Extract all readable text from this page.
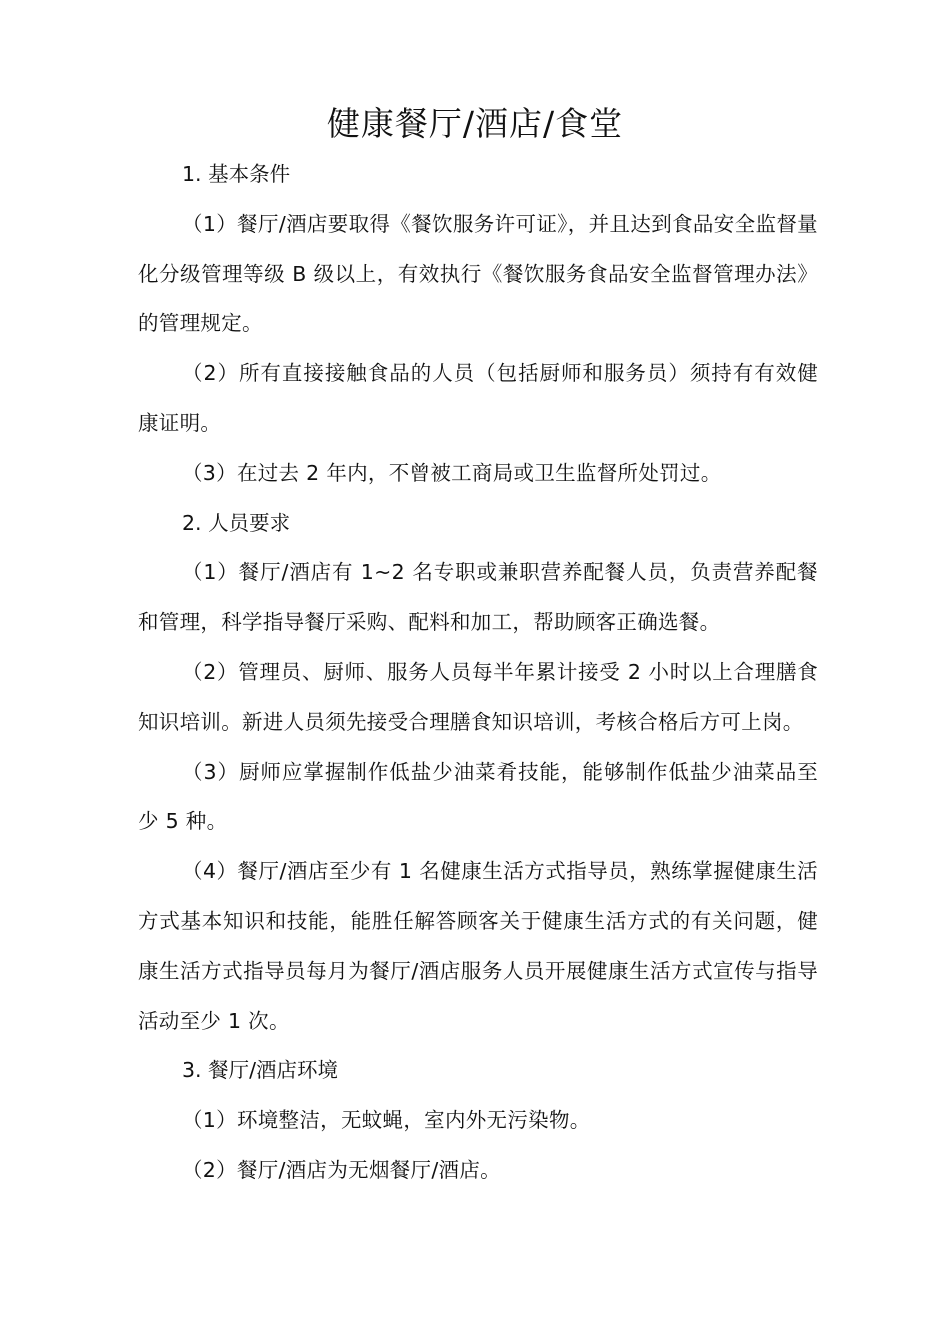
健康餐厅/酒店/食堂

1. 基本条件

（1）餐厅/酒店要取得《餐饮服务许可证》，并且达到食品安全监督量化分级管理等级 B 级以上，有效执行《餐饮服务食品安全监督管理办法》的管理规定。

（2）所有直接接触食品的人员（包括厨师和服务员）须持有有效健康证明。

（3）在过去 2 年内，不曾被工商局或卫生监督所处罚过。

2. 人员要求

（1）餐厅/酒店有 1~2 名专职或兼职营养配餐人员，负责营养配餐和管理，科学指导餐厅采购、配料和加工，帮助顾客正确选餐。

（2）管理员、厨师、服务人员每半年累计接受 2 小时以上合理膳食知识培训。新进人员须先接受合理膳食知识培训，考核合格后方可上岗。

（3）厨师应掌握制作低盐少油菜肴技能，能够制作低盐少油菜品至少 5 种。

（4）餐厅/酒店至少有 1 名健康生活方式指导员，熟练掌握健康生活方式基本知识和技能，能胜任解答顾客关于健康生活方式的有关问题，健康生活方式指导员每月为餐厅/酒店服务人员开展健康生活方式宣传与指导活动至少 1 次。

3. 餐厅/酒店环境

（1）环境整洁，无蚊蝇，室内外无污染物。

（2）餐厅/酒店为无烟餐厅/酒店。
